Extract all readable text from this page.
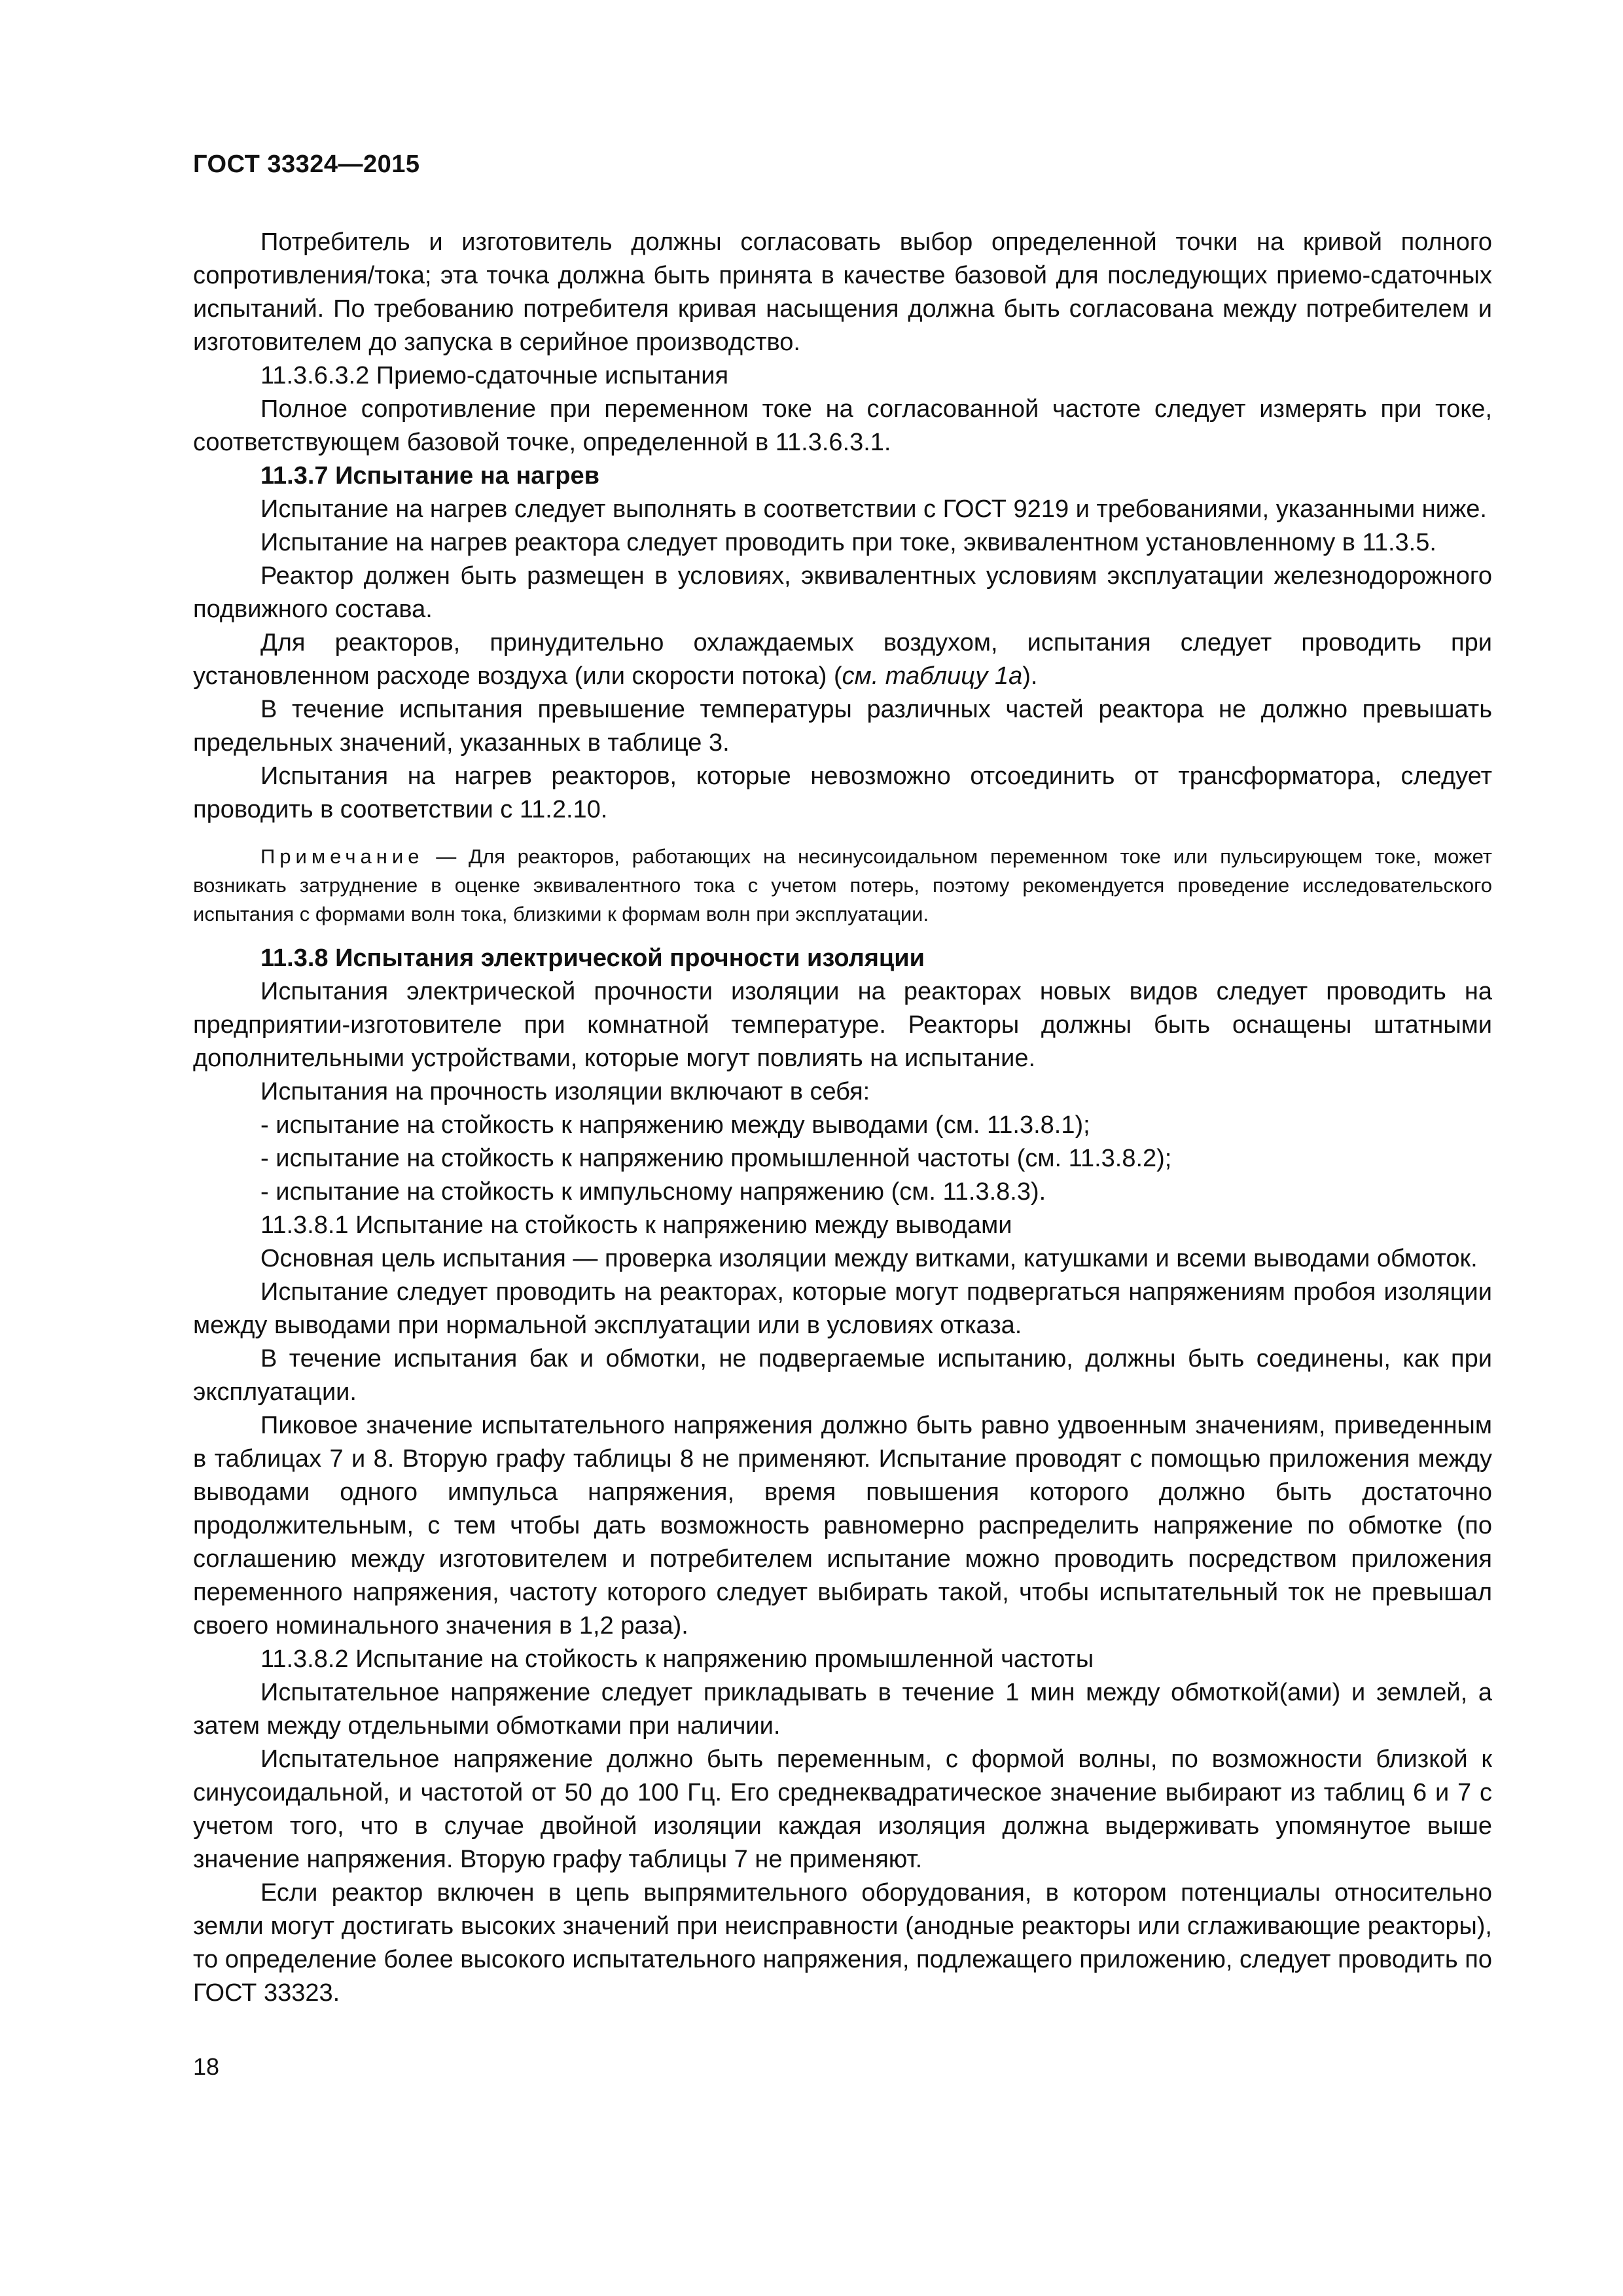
ГОСТ 33324—2015

Потребитель и изготовитель должны согласовать выбор определенной точки на кривой полного сопротивления/тока; эта точка должна быть принята в качестве базовой для последующих приемо-сдаточных испытаний. По требованию потребителя кривая насыщения должна быть согласована между потребителем и изготовителем до запуска в серийное производство.

11.3.6.3.2 Приемо-сдаточные испытания

Полное сопротивление при переменном токе на согласованной частоте следует измерять при токе, соответствующем базовой точке, определенной в 11.3.6.3.1.

11.3.7 Испытание на нагрев

Испытание на нагрев следует выполнять в соответствии с ГОСТ 9219 и требованиями, указанными ниже.

Испытание на нагрев реактора следует проводить при токе, эквивалентном установленному в 11.3.5.

Реактор должен быть размещен в условиях, эквивалентных условиям эксплуатации железнодорожного подвижного состава.

Для реакторов, принудительно охлаждаемых воздухом, испытания следует проводить при установленном расходе воздуха (или скорости потока) (см. таблицу 1а).

В течение испытания превышение температуры различных частей реактора не должно превышать предельных значений, указанных в таблице 3.

Испытания на нагрев реакторов, которые невозможно отсоединить от трансформатора, следует проводить в соответствии с 11.2.10.

Примечание — Для реакторов, работающих на несинусоидальном переменном токе или пульсирующем токе, может возникать затруднение в оценке эквивалентного тока с учетом потерь, поэтому рекомендуется проведение исследовательского испытания с формами волн тока, близкими к формам волн при эксплуатации.

11.3.8 Испытания электрической прочности изоляции

Испытания электрической прочности изоляции на реакторах новых видов следует проводить на предприятии-изготовителе при комнатной температуре. Реакторы должны быть оснащены штатными дополнительными устройствами, которые могут повлиять на испытание.

Испытания на прочность изоляции включают в себя:

- испытание на стойкость к напряжению между выводами (см. 11.3.8.1);

- испытание на стойкость к напряжению промышленной частоты (см. 11.3.8.2);

- испытание на стойкость к импульсному напряжению (см. 11.3.8.3).

11.3.8.1 Испытание на стойкость к напряжению между выводами

Основная цель испытания — проверка изоляции между витками, катушками и всеми выводами обмоток.

Испытание следует проводить на реакторах, которые могут подвергаться напряжениям пробоя изоляции между выводами при нормальной эксплуатации или в условиях отказа.

В течение испытания бак и обмотки, не подвергаемые испытанию, должны быть соединены, как при эксплуатации.

Пиковое значение испытательного напряжения должно быть равно удвоенным значениям, приведенным в таблицах 7 и 8. Вторую графу таблицы 8 не применяют. Испытание проводят с помощью приложения между выводами одного импульса напряжения, время повышения которого должно быть достаточно продолжительным, с тем чтобы дать возможность равномерно распределить напряжение по обмотке (по соглашению между изготовителем и потребителем испытание можно проводить посредством приложения переменного напряжения, частоту которого следует выбирать такой, чтобы испытательный ток не превышал своего номинального значения в 1,2 раза).

11.3.8.2 Испытание на стойкость к напряжению промышленной частоты

Испытательное напряжение следует прикладывать в течение 1 мин между обмоткой(ами) и землей, а затем между отдельными обмотками при наличии.

Испытательное напряжение должно быть переменным, с формой волны, по возможности близкой к синусоидальной, и частотой от 50 до 100 Гц. Его среднеквадратическое значение выбирают из таблиц 6 и 7 с учетом того, что в случае двойной изоляции каждая изоляция должна выдерживать упомянутое выше значение напряжения. Вторую графу таблицы 7 не применяют.

Если реактор включен в цепь выпрямительного оборудования, в котором потенциалы относительно земли могут достигать высоких значений при неисправности (анодные реакторы или сглаживающие реакторы), то определение более высокого испытательного напряжения, подлежащего приложению, следует проводить по ГОСТ 33323.

18
